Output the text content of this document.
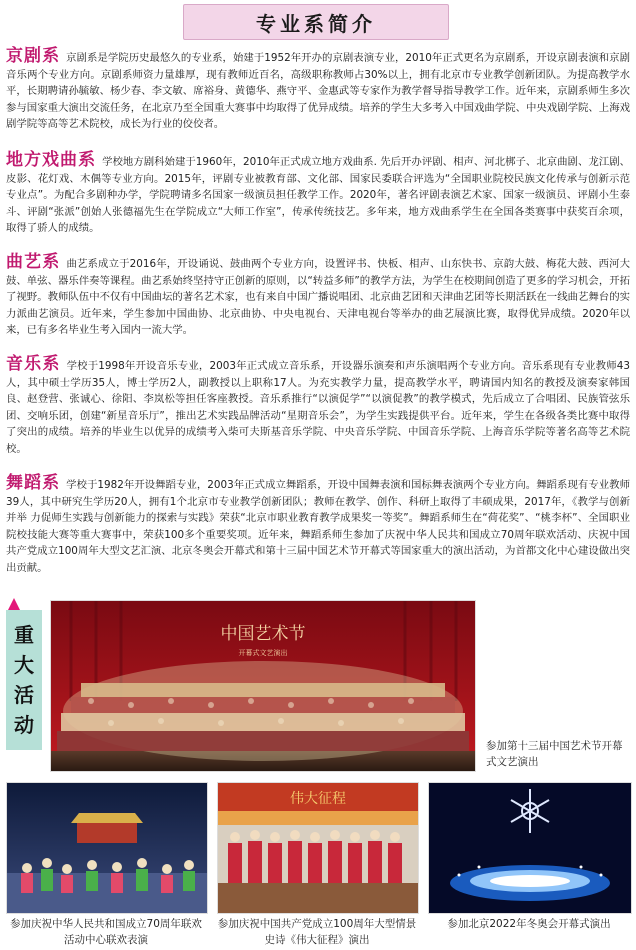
专业系简介

京剧系 京剧系是学院历史最悠久的专业系，始建于1952年开办的京剧表演专业，2010年正式更名为京剧系，开设京剧表演和京剧音乐两个专业方向。京剧系师资力量雄厚，现有教师近百名，高级职称教师占30%以上，拥有北京市专业教学创新团队。为提高教学水平，长期聘请孙毓敏、杨少春、李文敏、席裕身、黄德华、燕守平、金惠武等专家作为教学督导指导教学工作。近年来，京剧系师生多次参与国家重大演出交流任务，在北京乃至全国重大赛事中均取得了优异成绩。培养的学生大多考入中国戏曲学院、中央戏剧学院、上海戏剧学院等高等艺术院校，成长为行业的佼佼者。

地方戏曲系 学校地方剧科始建于1960年，2010年正式成立地方戏曲系. 先后开办评剧、相声、河北梆子、北京曲剧、龙江剧、皮影、花灯戏、木偶等专业方向。2015年，评剧专业被教育部、文化部、国家民委联合评选为“全国职业院校民族文化传承与创新示范专业点”。为配合多剧种办学，学院聘请多名国家一级演员担任教学工作。2020年，著名评剧表演艺术家、国家一级演员、评剧小生泰斗、评剧“张派”创始人张德福先生在学院成立“大师工作室”，传承传统技艺。多年来，地方戏曲系学生在全国各类赛事中获奖百余项，取得了骄人的成绩。

曲艺系 曲艺系成立于2016年，开设诵说、鼓曲两个专业方向，设置评书、快板、相声、山东快书、京韵大鼓、梅花大鼓、西河大鼓、单弦、器乐伴奏等课程。曲艺系始终坚持守正创新的原则，以“转益多师”的教学方法，为学生在校期间创造了更多的学习机会，开拓了视野。教师队伍中不仅有中国曲坛的著名艺术家，也有来自中国广播说唱团、北京曲艺团和天津曲艺团等长期活跃在一线曲艺舞台的实力派曲艺演员。近年来，学生参加中国曲协、北京曲协、中央电视台、天津电视台等举办的曲艺展演比赛，取得优异成绩。2020年以来，已有多名毕业生考入国内一流大学。

音乐系 学校于1998年开设音乐专业，2003年正式成立音乐系，开设器乐演奏和声乐演唱两个专业方向。音乐系现有专业教师43人，其中硕士学历35人，博士学历2人，副教授以上职称17人。为充实教学力量，提高教学水平，聘请国内知名的教授及演奏家韩国良、赵登营、张诚心、徐阳、李岚松等担任客座教授。音乐系推行“以演促学”“以演促教”的教学模式，先后成立了合唱团、民族管弦乐团、交响乐团，创建“新星音乐厅”，推出艺术实践品牌活动“星期音乐会”，为学生实践提供平台。近年来，学生在各级各类比赛中取得了突出的成绩。培养的毕业生以优异的成绩考入柴可夫斯基音乐学院、中央音乐学院、中国音乐学院、上海音乐学院等著名高等艺术院校。

舞蹈系 学校于1982年开设舞蹈专业，2003年正式成立舞蹈系，开设中国舞表演和国标舞表演两个专业方向。舞蹈系现有专业教师39人，其中研究生学历20人，拥有1个北京市专业教学创新团队；教师在教学、创作、科研上取得了丰硕成果，2017年，《教学与创新并举 力促师生实践与创新能力的探索与实践》荣获“北京市职业教育教学成果奖一等奖”。舞蹈系师生在“荷花奖”、“桃李杯”、全国职业院校技能大赛等重大赛事中，荣获100多个重要奖项。近年来，舞蹈系师生参加了庆祝中华人民共和国成立70周年联欢活动、庆祝中国共产党成立100周年大型文艺汇演、北京冬奥会开幕式和第十三届中国艺术节开幕式等国家重大的演出活动，为首都文化中心建设做出突出贡献。

重
大
活
动
中国艺术节
开幕式文艺演出
参加第十三届中国艺术节开幕式文艺演出
伟大征程
参加庆祝中华人民共和国成立70周年联欢活动中心联欢表演
参加庆祝中国共产党成立100周年大型情景史诗《伟大征程》演出
参加北京2022年冬奥会开幕式演出
